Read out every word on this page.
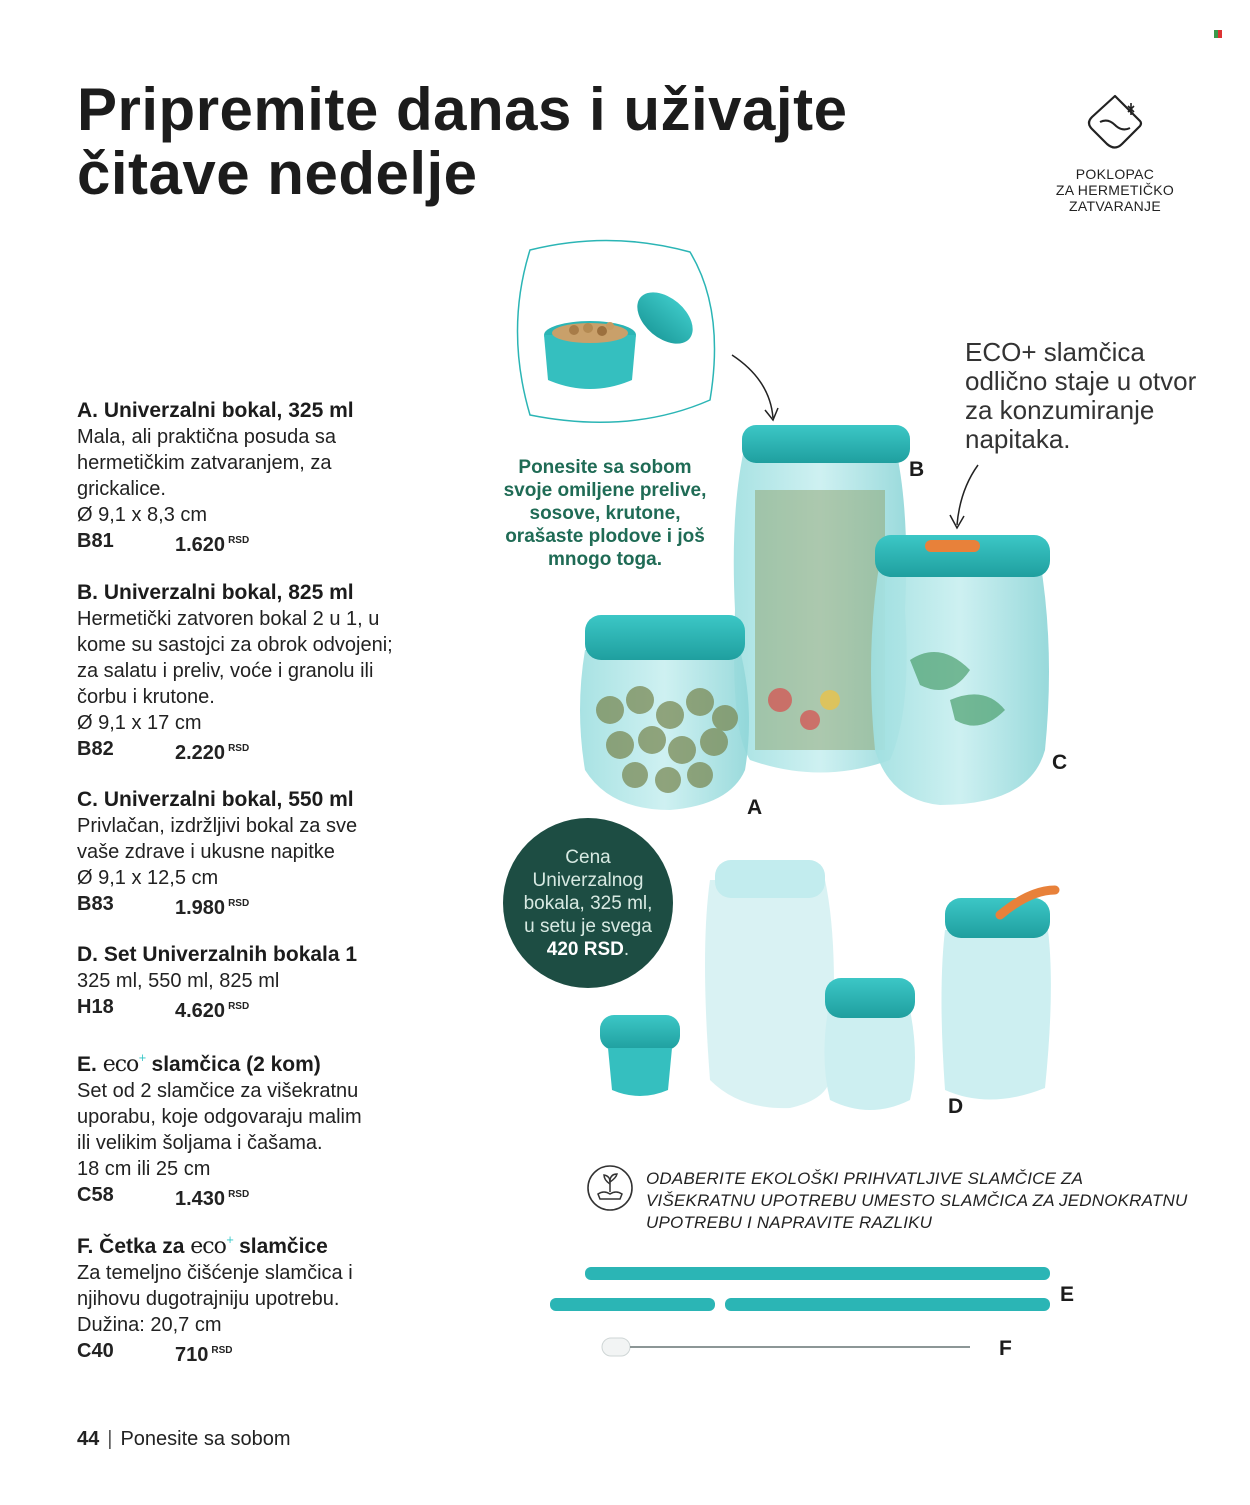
Pripremite danas i uživajte
čitave nedelje	POKLOPAC
ZA HERMETIČKO
ZATVARANJE
A. Univerzalni bokal, 325 ml
Mala, ali praktična posuda sa
hermetičkim zatvaranjem, za
grickalice.
Ø 9,1 x 8,3 cm
B81	1.620 $^{RSD}$
B. Univerzalni bokal, 825 ml
Hermetički zatvoren bokal 2 u 1, u
kome su sastojci za obrok odvojeni;
za salatu i preliv, voće i granolu ili
čorbu i krutone.
Ø 9,1 x 17 cm
B82	2.220 $^{RSD}$
C. Univerzalni bokal, 550 ml
Privlačan, izdržljivi bokal za sve
vaše zdrave i ukusne napitke
Ø 9,1 x 12,5 cm
B83	1.980 $^{RSD}$
D. Set Univerzalnih bokala 1
325 ml, 550 ml, 825 ml
H18	4.620 $^{RSD}$
E. eco+ slamčica (2 kom)
Set od 2 slamčice za višekratnu
uporabu, koje odgovaraju malim
ili velikim šoljama i čašama.
18 cm ili 25 cm
C58	1.430 $^{RSD}$
F. Četka za eco+ slamčice
Za temeljno čišćenje slamčica i
njihovu dugotrajniju upotrebu.
Dužina: 20,7 cm
C40	710 $^{RSD}$
Ponesite sa sobom
svoje omiljene prelive,
sosove, krutone,
orašaste plodove i još
mnogo toga.
ECO+ slamčica
odlično staje u otvor
za konzumiranje
napitaka.
Cena
Univerzalnog
bokala, 325 ml,
u setu je svega
420 RSD.
B
C
A
D
E
F
ODABERITE EKOLOŠKI PRIHVATLJIVE SLAMČICE ZA
VIŠEKRATNU UPOTREBU UMESTO SLAMČICA ZA JEDNOKRATNU
UPOTREBU I NAPRAVITE RAZLIKU
44 | Ponesite sa sobom
